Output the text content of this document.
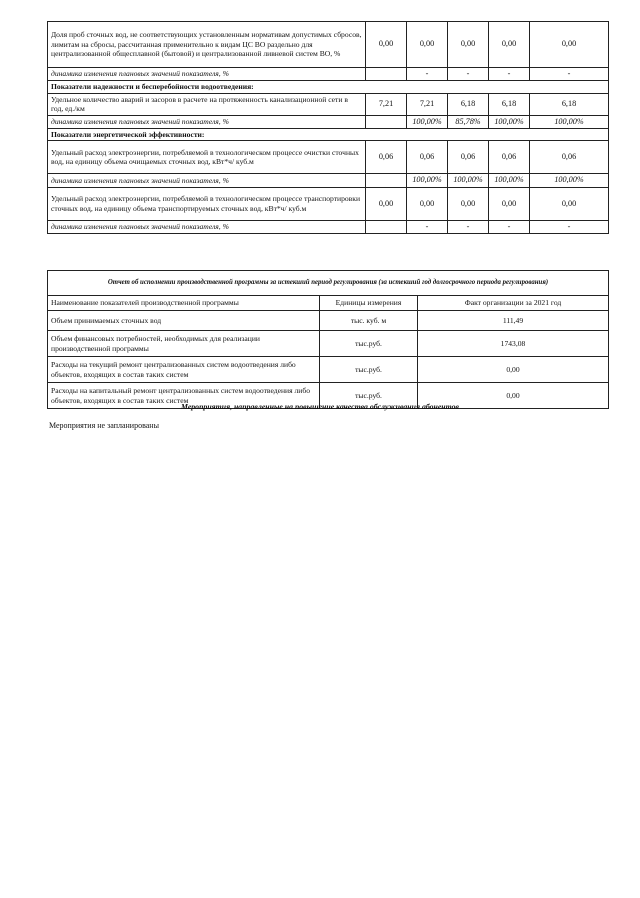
Доля проб сточных вод, не соответствующих установленным нормативам допустимых сбросов, лимитам на сбросы, рассчитанная применительно к видам ЦС ВО раздельно для централизованной общесплавной (бытовой) и централизованной ливневой систем ВО, %	0,00	0,00	0,00	0,00	0,00
динамика изменения плановых значений показателя, %		-	-	-	-
Показатели надежности и бесперебойности водоотведения:					
Удельное количество аварий и засоров в расчете на протяженность канализационной сети в год, ед./км	7,21	7,21	6,18	6,18	6,18
динамика изменения плановых значений показателя, %		100,00%	85,78%	100,00%	100,00%
Показатели энергетической эффективности:					
Удельный расход электроэнергии, потребляемой в технологическом процессе очистки сточных вод, на единицу объема очищаемых сточных вод, кВт*ч/ куб.м	0,06	0,06	0,06	0,06	0,06
динамика изменения плановых значений показателя, %		100,00%	100,00%	100,00%	100,00%
Удельный расход электроэнергии, потребляемой в технологическом процессе транспортировки сточных вод, на единицу объема транспортируемых сточных вод, кВт*ч/ куб.м	0,00	0,00	0,00	0,00	0,00
динамика изменения плановых значений показателя, %		-	-	-	-
Отчет об исполнении производственной программы за истекший период регулирования (за истекший год долгосрочного периода регулирования)		
Наименование показателей производственной программы	Единицы измерения	Факт организации за 2021 год
Объем принимаемых сточных вод	тыс. куб. м	111,49
Объем финансовых потребностей, необходимых для реализации производственной программы	тыс.руб.	1743,08
Расходы на текущий ремонт централизованных систем водоотведения либо объектов, входящих в состав таких систем	тыс.руб.	0,00
Расходы на капитальный ремонт централизованных систем водоотведения либо объектов, входящих в состав таких систем	тыс.руб.	0,00
Мероприятия, направленные на повышение качества обслуживания абонентов
Мероприятия не запланированы
